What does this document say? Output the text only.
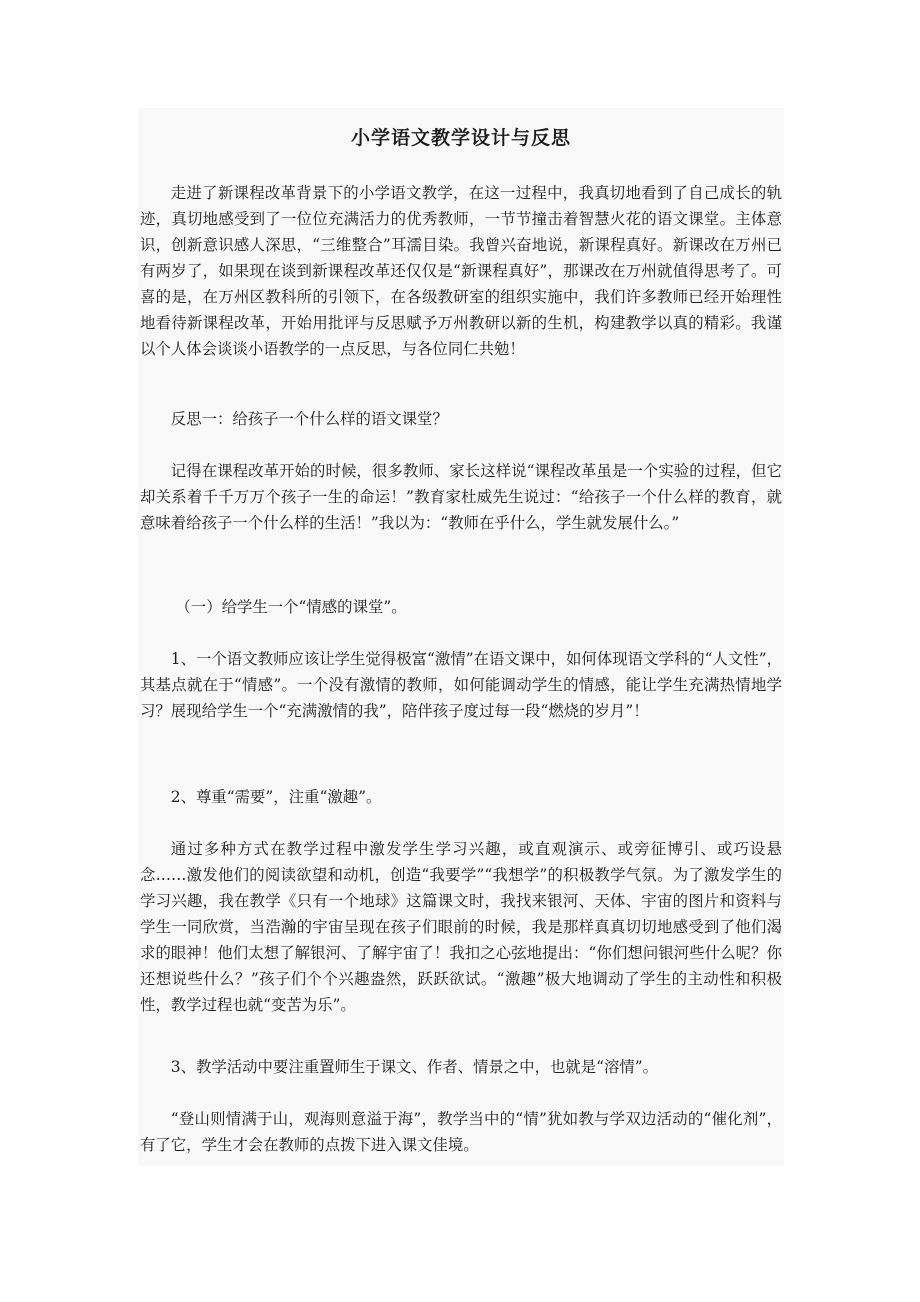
小学语文教学设计与反思

走进了新课程改革背景下的小学语文教学，在这一过程中，我真切地看到了自己成长的轨迹，真切地感受到了一位位充满活力的优秀教师，一节节撞击着智慧火花的语文课堂。主体意识，创新意识感人深思，“三维整合”耳濡目染。我曾兴奋地说，新课程真好。新课改在万州已有两岁了，如果现在谈到新课程改革还仅仅是“新课程真好”，那课改在万州就值得思考了。可喜的是，在万州区教科所的引领下，在各级教研室的组织实施中，我们许多教师已经开始理性地看待新课程改革，开始用批评与反思赋予万州教研以新的生机，构建教学以真的精彩。我谨以个人体会谈谈小语教学的一点反思，与各位同仁共勉！

反思一：给孩子一个什么样的语文课堂？

记得在课程改革开始的时候，很多教师、家长这样说“课程改革虽是一个实验的过程，但它却关系着千千万万个孩子一生的命运！”教育家杜威先生说过：“给孩子一个什么样的教育，就意味着给孩子一个什么样的生活！”我以为：“教师在乎什么，学生就发展什么。”

（一）给学生一个“情感的课堂”。

1、一个语文教师应该让学生觉得极富“激情”在语文课中，如何体现语文学科的“人文性”，其基点就在于“情感”。一个没有激情的教师，如何能调动学生的情感，能让学生充满热情地学习？展现给学生一个“充满激情的我”，陪伴孩子度过每一段“燃烧的岁月”！

2、尊重“需要”，注重“激趣”。

通过多种方式在教学过程中激发学生学习兴趣，或直观演示、或旁征博引、或巧设悬念……激发他们的阅读欲望和动机，创造“我要学”“我想学”的积极教学气氛。为了激发学生的学习兴趣，我在教学《只有一个地球》这篇课文时，我找来银河、天体、宇宙的图片和资料与学生一同欣赏，当浩瀚的宇宙呈现在孩子们眼前的时候，我是那样真真切切地感受到了他们渴求的眼神！他们太想了解银河、了解宇宙了！我扣之心弦地提出：“你们想问银河些什么呢？你还想说些什么？”孩子们个个兴趣盎然，跃跃欲试。“激趣”极大地调动了学生的主动性和积极性，教学过程也就“变苦为乐”。

3、教学活动中要注重置师生于课文、作者、情景之中，也就是“溶情”。

“登山则情满于山，观海则意溢于海”，教学当中的“情”犹如教与学双边活动的“催化剂”，有了它，学生才会在教师的点拨下进入课文佳境。
